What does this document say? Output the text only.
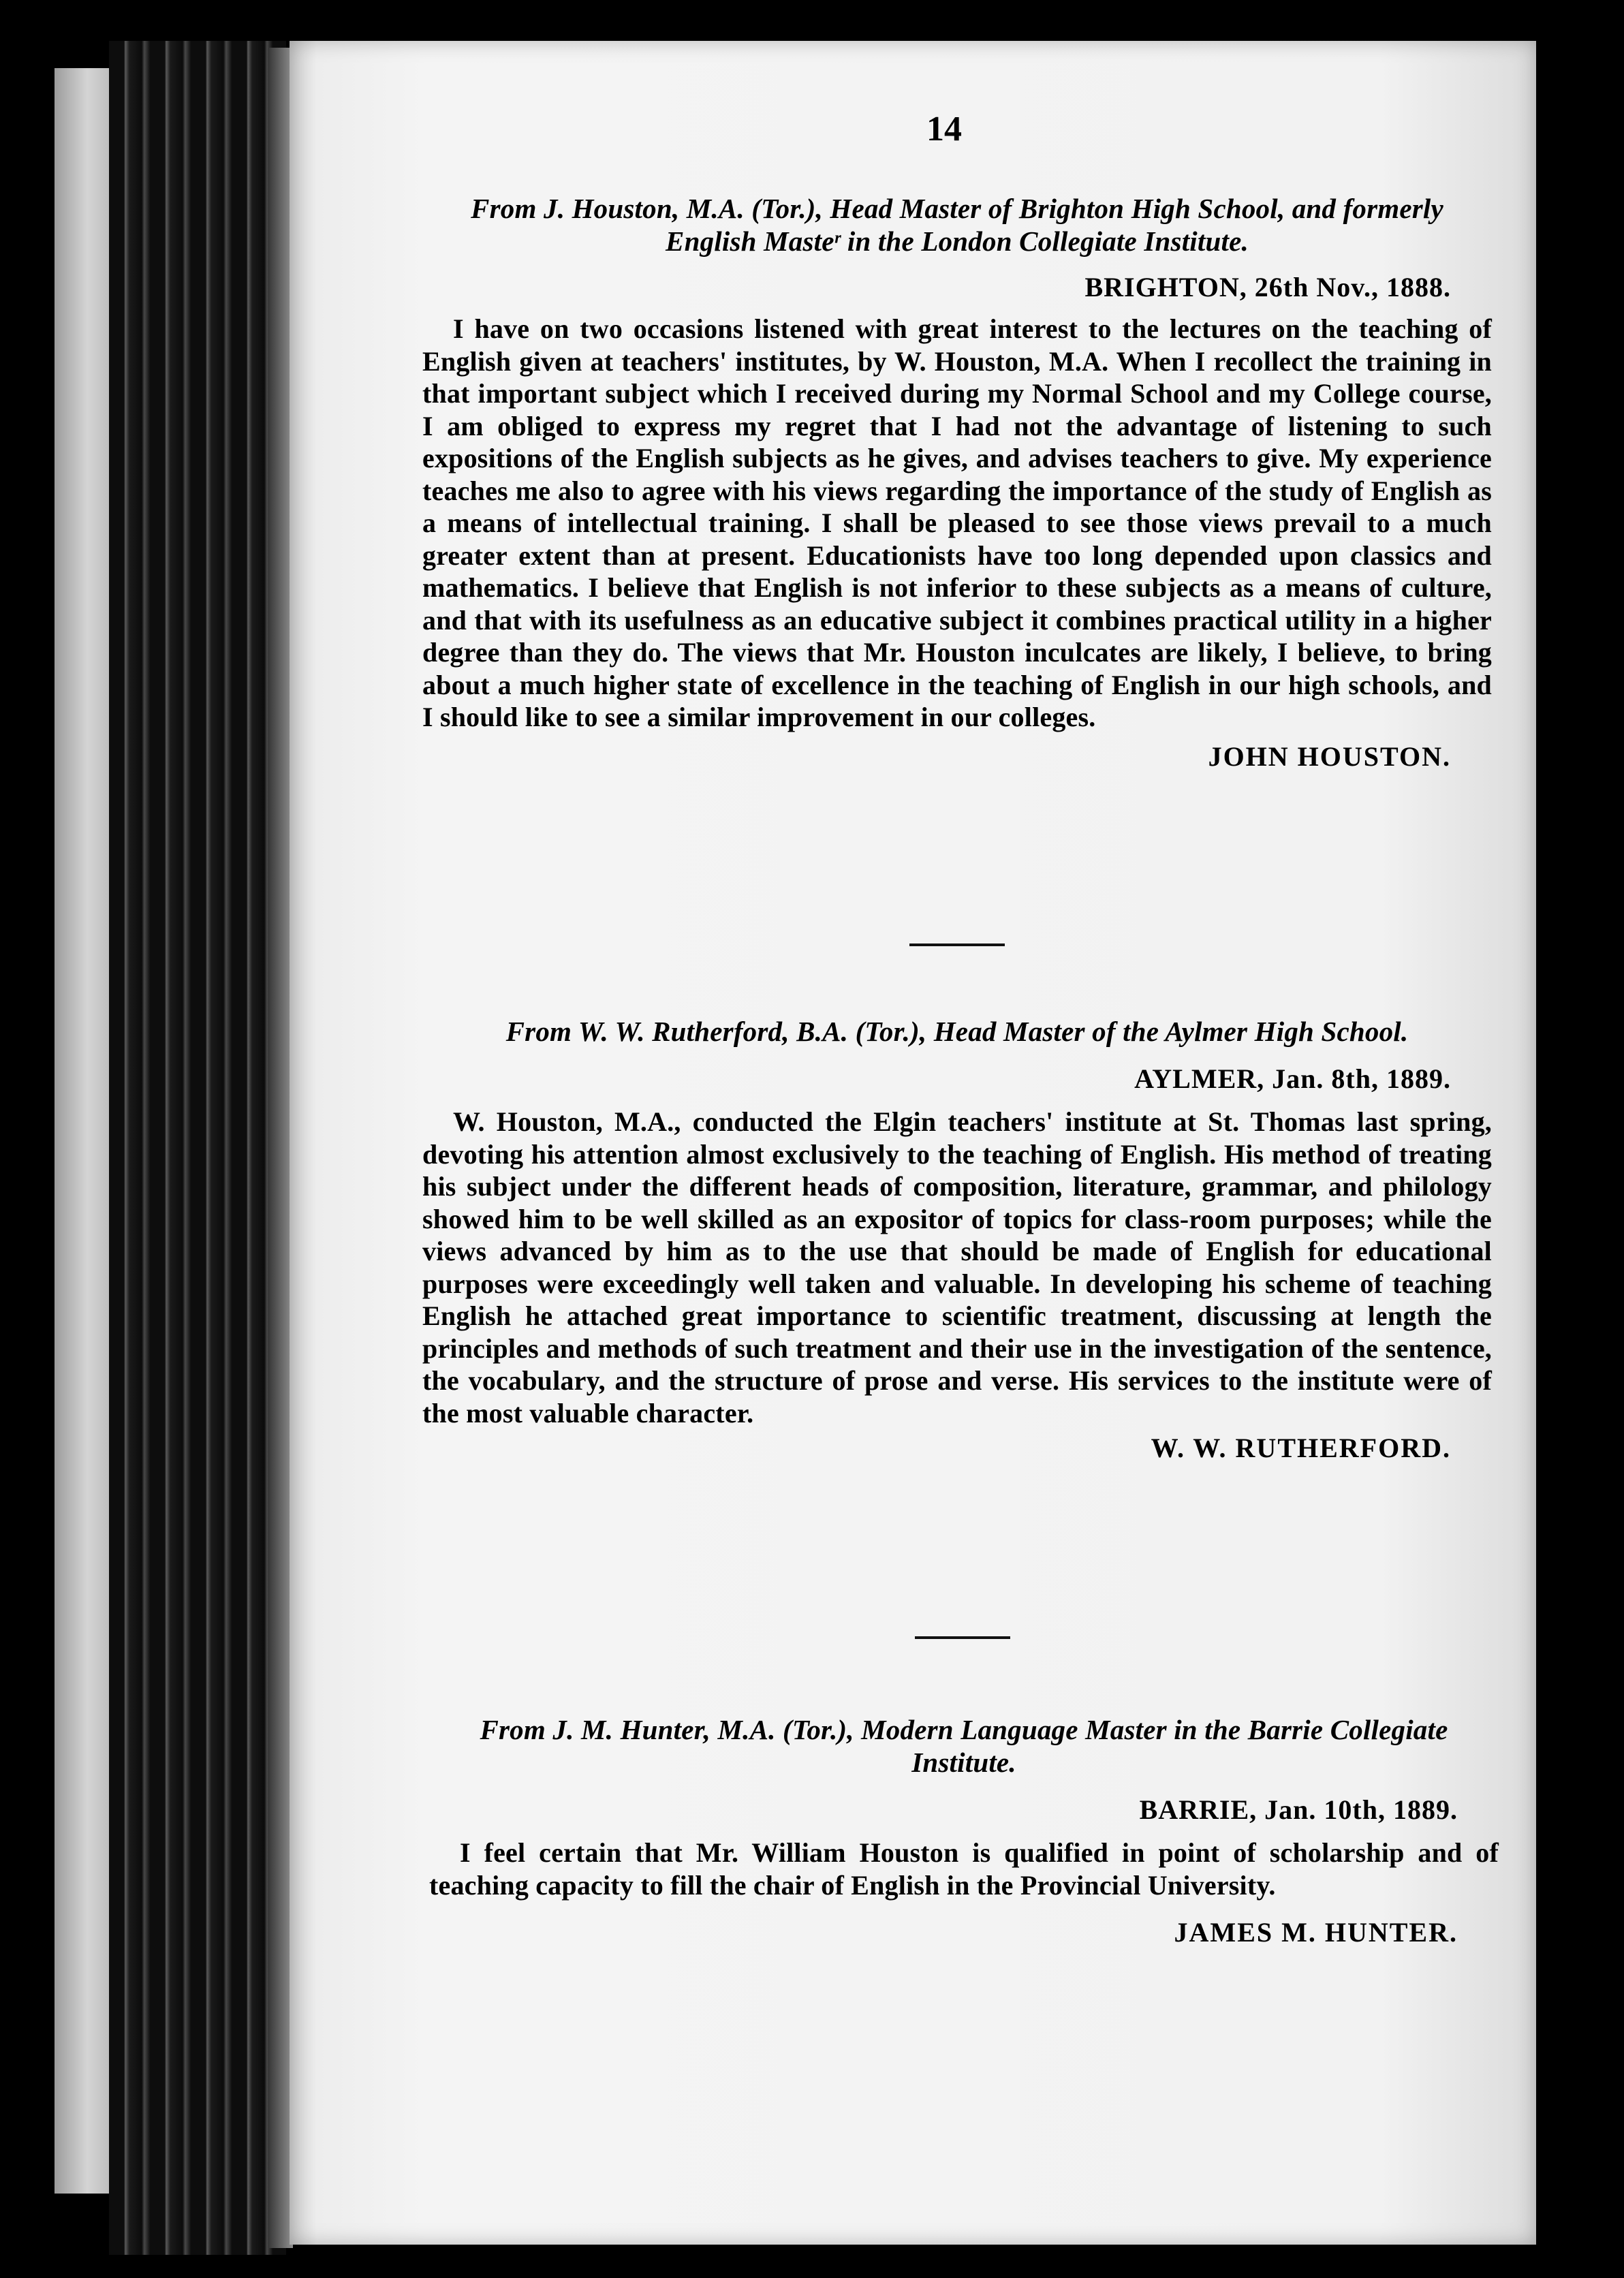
14

From J. Houston, M.A. (Tor.), Head Master of Brighton High School, and formerly English Masteʳ in the London Collegiate Institute.

BRIGHTON, 26th Nov., 1888.

I have on two occasions listened with great interest to the lectures on the teaching of English given at teachers' institutes, by W. Houston, M.A. When I recollect the training in that important subject which I received during my Normal School and my College course, I am obliged to express my regret that I had not the advantage of listening to such expositions of the English subjects as he gives, and advises teachers to give. My experience teaches me also to agree with his views regarding the importance of the study of English as a means of intellectual training. I shall be pleased to see those views prevail to a much greater extent than at present. Educationists have too long depended upon classics and mathematics. I believe that English is not inferior to these subjects as a means of culture, and that with its usefulness as an educative subject it combines practical utility in a higher degree than they do. The views that Mr. Houston inculcates are likely, I believe, to bring about a much higher state of excellence in the teaching of English in our high schools, and I should like to see a similar improvement in our colleges.

JOHN HOUSTON.

From W. W. Rutherford, B.A. (Tor.), Head Master of the Aylmer High School.

AYLMER, Jan. 8th, 1889.

W. Houston, M.A., conducted the Elgin teachers' institute at St. Thomas last spring, devoting his attention almost exclusively to the teaching of English. His method of treating his subject under the different heads of composition, literature, grammar, and philology showed him to be well skilled as an expositor of topics for class-room purposes; while the views advanced by him as to the use that should be made of English for educational purposes were exceedingly well taken and valuable. In developing his scheme of teaching English he attached great importance to scientific treatment, discussing at length the principles and methods of such treatment and their use in the investigation of the sentence, the vocabulary, and the structure of prose and verse. His services to the institute were of the most valuable character.

W. W. RUTHERFORD.

From J. M. Hunter, M.A. (Tor.), Modern Language Master in the Barrie Collegiate Institute.

BARRIE, Jan. 10th, 1889.

I feel certain that Mr. William Houston is qualified in point of scholarship and of teaching capacity to fill the chair of English in the Provincial University.

JAMES M. HUNTER.
